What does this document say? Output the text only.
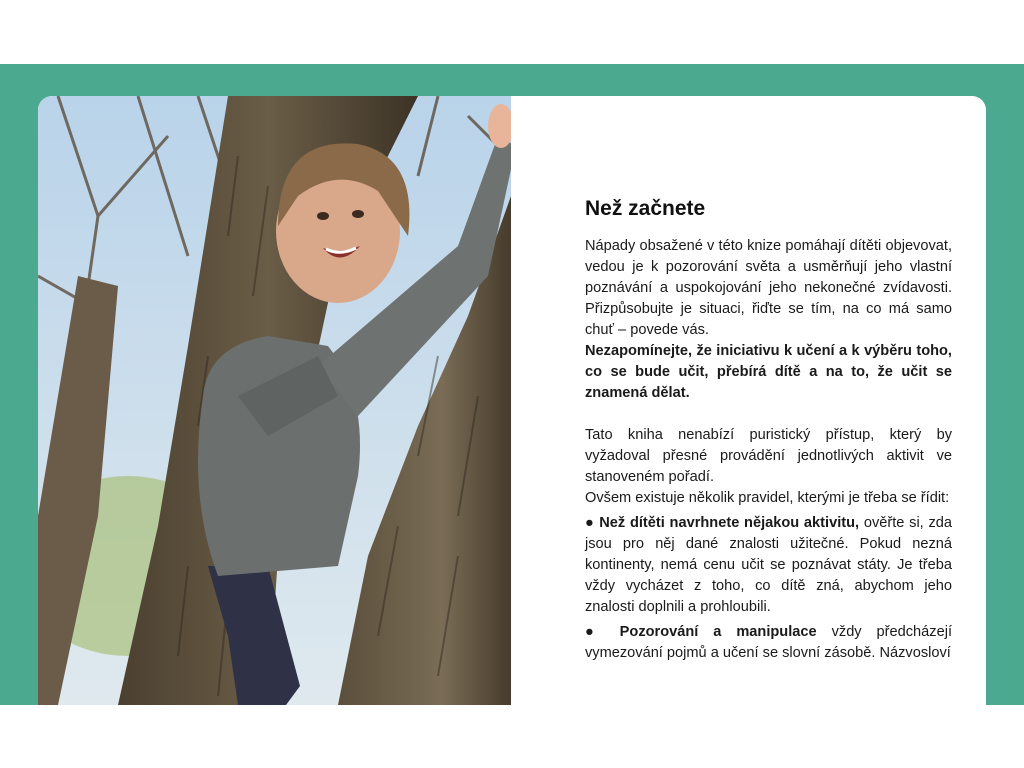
Než začnete

Nápady obsažené v této knize pomáhají dítěti objevovat, vedou je k pozorování světa a usměrňují jeho vlastní poznávání a uspokojování jeho nekonečné zvídavosti. Přizpůsobujte je situaci, řiďte se tím, na co má samo chuť – povede vás.

Nezapomínejte, že iniciativu k učení a k výběru toho, co se bude učit, přebírá dítě a na to, že učit se znamená dělat.

Tato kniha nenabízí puristický přístup, který by vyžadoval přesné provádění jednotlivých aktivit ve stanoveném pořadí.

Ovšem existuje několik pravidel, kterými je třeba se řídit:

● Než dítěti navrhnete nějakou aktivitu, ověřte si, zda jsou pro něj dané znalosti užitečné. Pokud nezná kontinenty, nemá cenu učit se poznávat státy. Je třeba vždy vycházet z toho, co dítě zná, abychom jeho znalosti doplnili a prohloubili.

● Pozorování a manipulace vždy předcházejí vymezování pojmů a učení se slovní zásobě. Názvosloví
